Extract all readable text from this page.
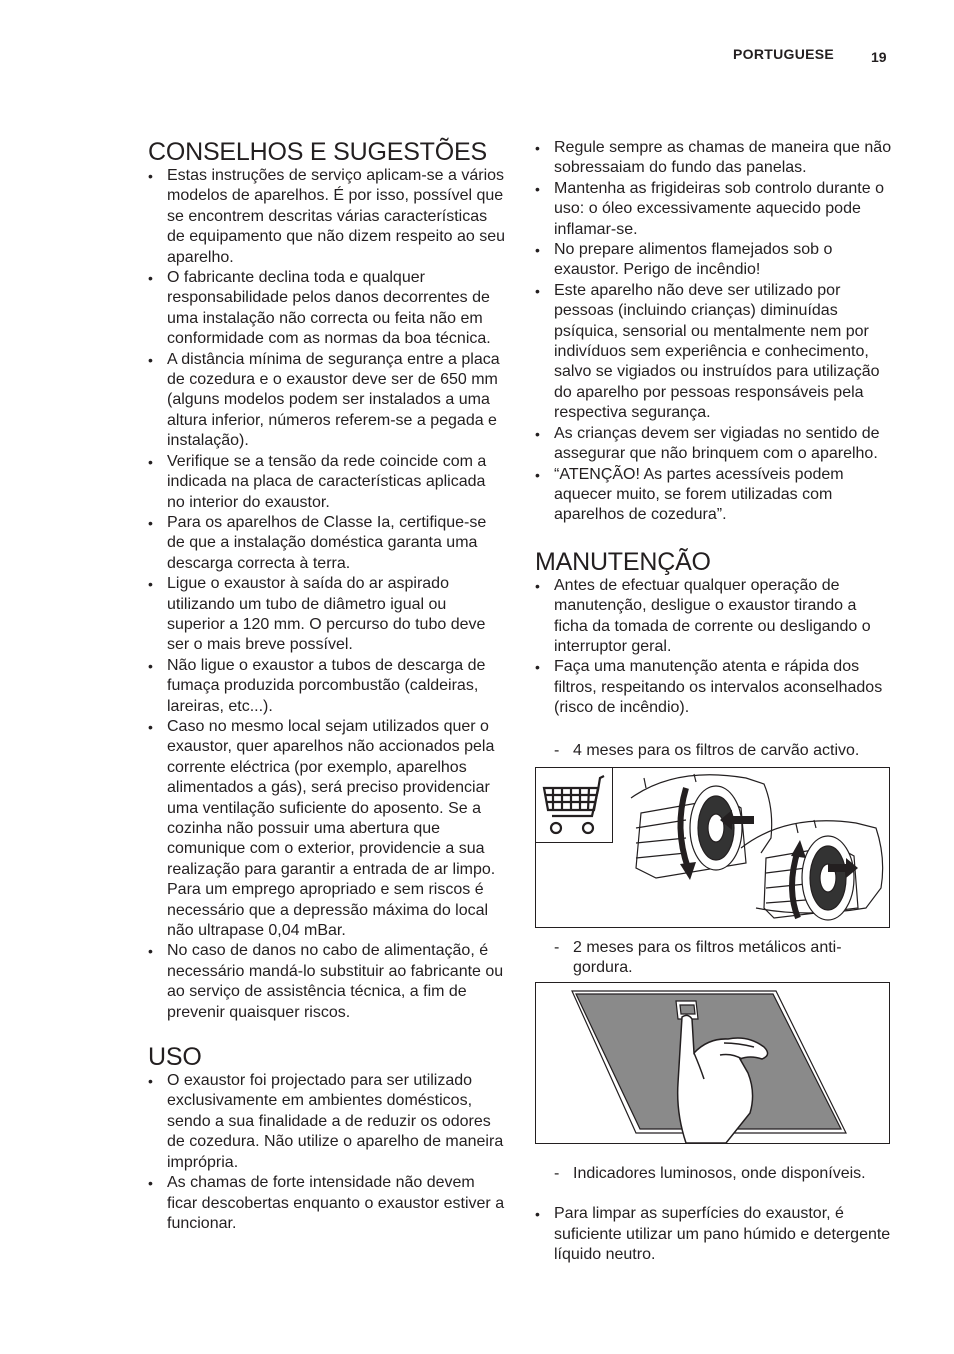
PORTUGUESE	19
CONSELHOS E SUGESTÕES
• Estas instruções de serviço aplicam-se a vários modelos de aparelhos. É por isso, possível que se encontrem descritas várias características de equipamento que não dizem respeito ao seu aparelho.
• O fabricante declina toda e qualquer responsabilidade pelos danos decorrentes de uma instalação não correcta ou feita não em conformidade com as normas da boa técnica.
• A distância mínima de segurança entre a placa de cozedura e o exaustor deve ser de 650 mm (alguns modelos podem ser instalados a uma altura inferior, números referem-se a pegada e instalação).
• Verifique se a tensão da rede coincide com a indicada na placa de características aplicada no interior do exaustor.
• Para os aparelhos de Classe Ia, certifique-se de que a instalação doméstica garanta uma descarga correcta à terra.
• Ligue o exaustor à saída do ar aspirado utilizando um tubo de diâmetro igual ou superior a 120 mm. O percurso do tubo deve ser o mais breve possível.
• Não ligue o exaustor a tubos de descarga de fumaça produzida porcombustão (caldeiras, lareiras, etc...).
• Caso no mesmo local sejam utilizados quer o exaustor, quer aparelhos não accionados pela corrente eléctrica (por exemplo, aparelhos alimentados a gás), será preciso providenciar uma ventilação suficiente do aposento. Se a cozinha não possuir uma abertura que comunique com o exterior, providencie a sua realização para garantir a entrada de ar limpo. Para um emprego apropriado e sem riscos é necessário que a depressão máxima do local não ultrapase 0,04 mBar.
• No caso de danos no cabo de alimentação, é necessário mandá-lo substituir ao fabricante ou ao serviço de assistência técnica, a fim de prevenir quaisquer riscos.
USO
• O exaustor foi projectado para ser utilizado exclusivamente em ambientes domésticos, sendo a sua finalidade a de reduzir os odores de cozedura. Não utilize o aparelho de maneira imprópria.
• As chamas de forte intensidade não devem ficar descobertas enquanto o exaustor estiver a funcionar.
• Regule sempre as chamas de maneira que não sobressaiam do fundo das panelas.
• Mantenha as frigideiras sob controlo durante o uso: o óleo excessivamente aquecido pode inflamar-se.
• No prepare alimentos flamejados sob o exaustor. Perigo de incêndio!
• Este aparelho não deve ser utilizado por pessoas (incluindo crianças) diminuídas psíquica, sensorial ou mentalmente nem por indivíduos sem experiência e conhecimento, salvo se vigiados ou instruídos para utilização do aparelho por pessoas responsáveis pela respectiva segurança.
• As crianças devem ser vigiadas no sentido de assegurar que não brinquem com o aparelho.
• “ATENÇÃO! As partes acessíveis podem aquecer muito, se forem utilizadas com aparelhos de cozedura”.
MANUTENÇÃO
• Antes de efectuar qualquer operação de manutenção, desligue o exaustor tirando a ficha da tomada de corrente ou desligando o interruptor geral.
• Faça uma manutenção atenta e rápida dos filtros, respeitando os intervalos aconselhados (risco de incêndio).
- 4 meses para os filtros de carvão activo.
- 2 meses para os filtros metálicos anti-gordura.
- Indicadores luminosos, onde disponíveis.
• Para limpar as superfícies do exaustor, é suficiente utilizar um pano húmido e detergente líquido neutro.
